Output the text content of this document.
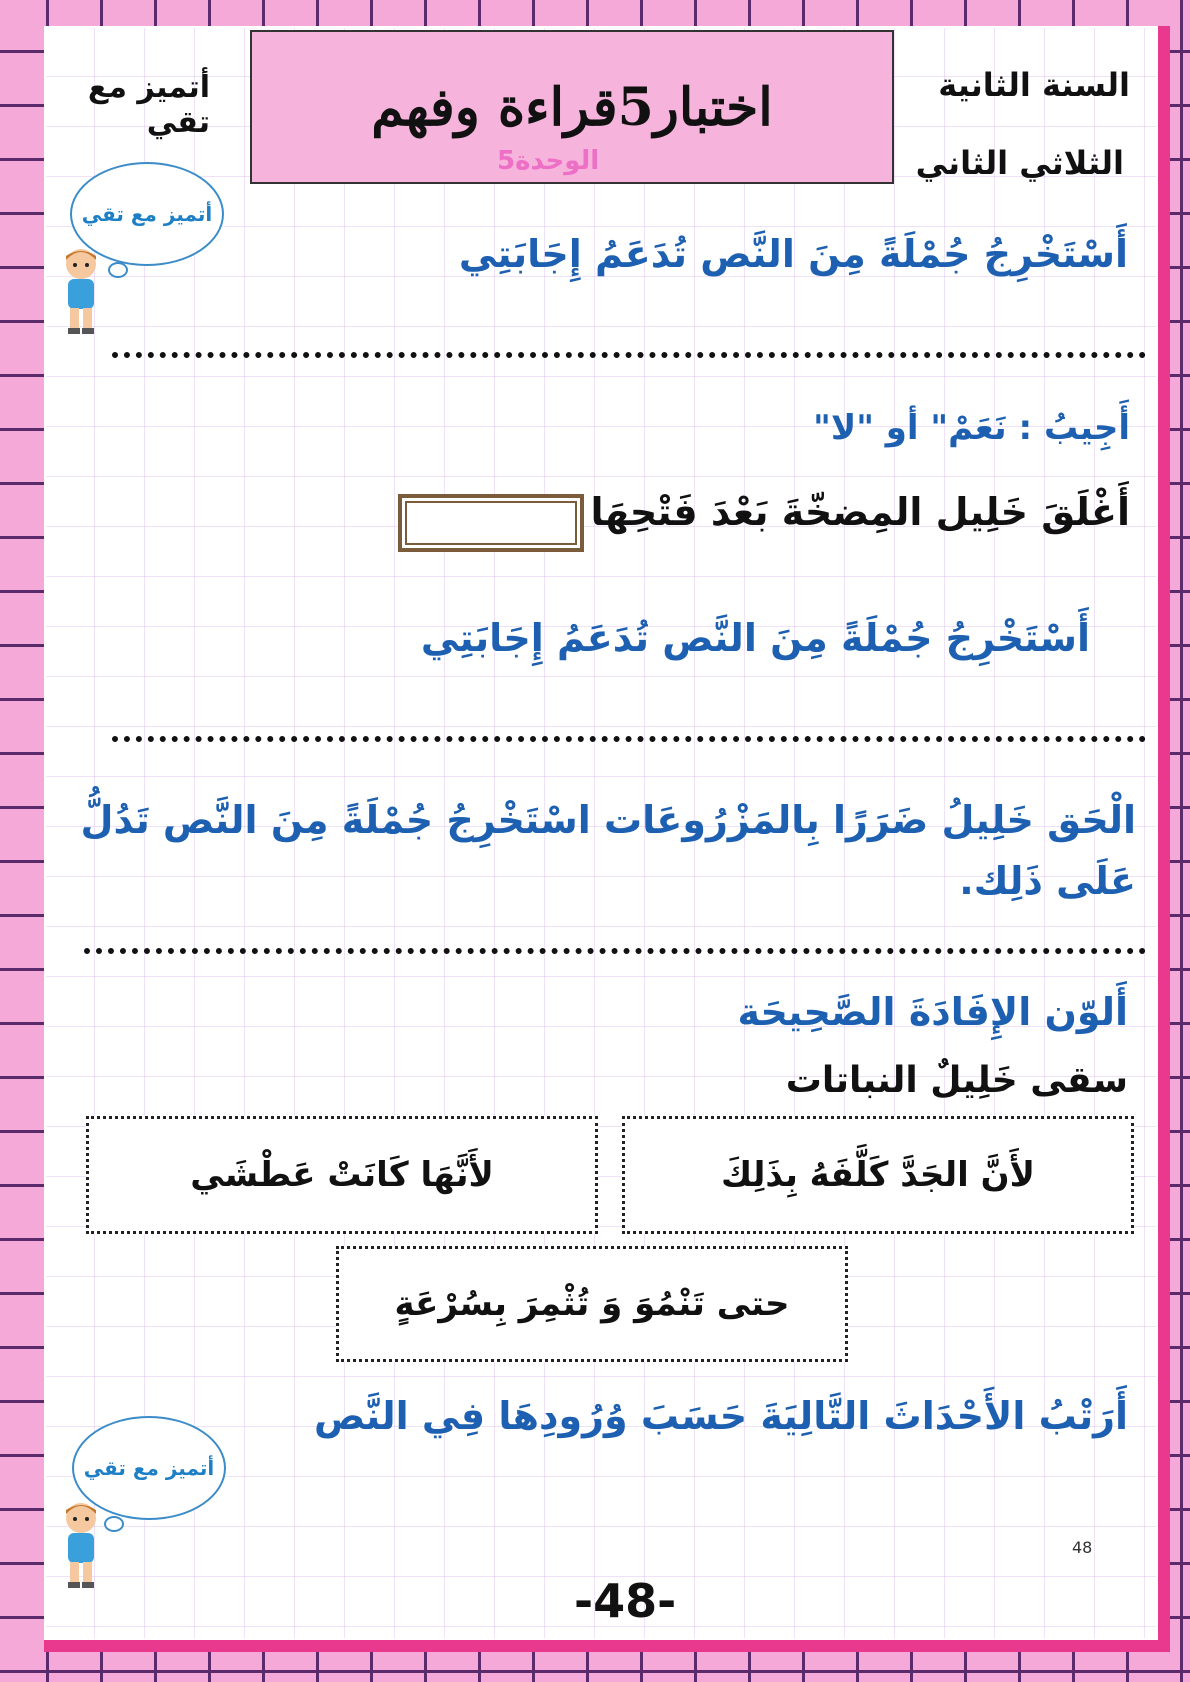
اختبار5قراءة وفهم
الوحدة5
السنة الثانية
الثلاثي الثاني
أتميز مع تقي
أتميز مع تقي
أَسْتَخْرِجُ جُمْلَةً مِنَ النَّص تُدَعَمُ إِجَابَتِي
أَجِيبُ : نَعَمْ" أو "لا"
أَغْلَقَ خَلِيل المِضخّةَ بَعْدَ فَتْحِهَا
أَسْتَخْرِجُ جُمْلَةً مِنَ النَّص تُدَعَمُ إِجَابَتِي
الْحَق خَلِيلُ ضَرَرًا بِالمَزْرُوعَات اسْتَخْرِجُ جُمْلَةً مِنَ النَّص تَدُلُّ عَلَى ذَلِك.
أَلوّن الإِفَادَةَ الصَّحِيحَة
سقى خَلِيلٌ النباتات
لأَنَّ الجَدَّ كَلَّفَهُ بِذَلِكَ
لأَنَّهَا كَانَتْ عَطْشَي
حتى تَنْمُوَ وَ تُثْمِرَ بِسُرْعَةٍ
أَرَتْبُ الأَحْدَاثَ التَّالِيَةَ حَسَبَ وُرُودِهَا فِي النَّص
أتميز مع تقي
48
-48-
